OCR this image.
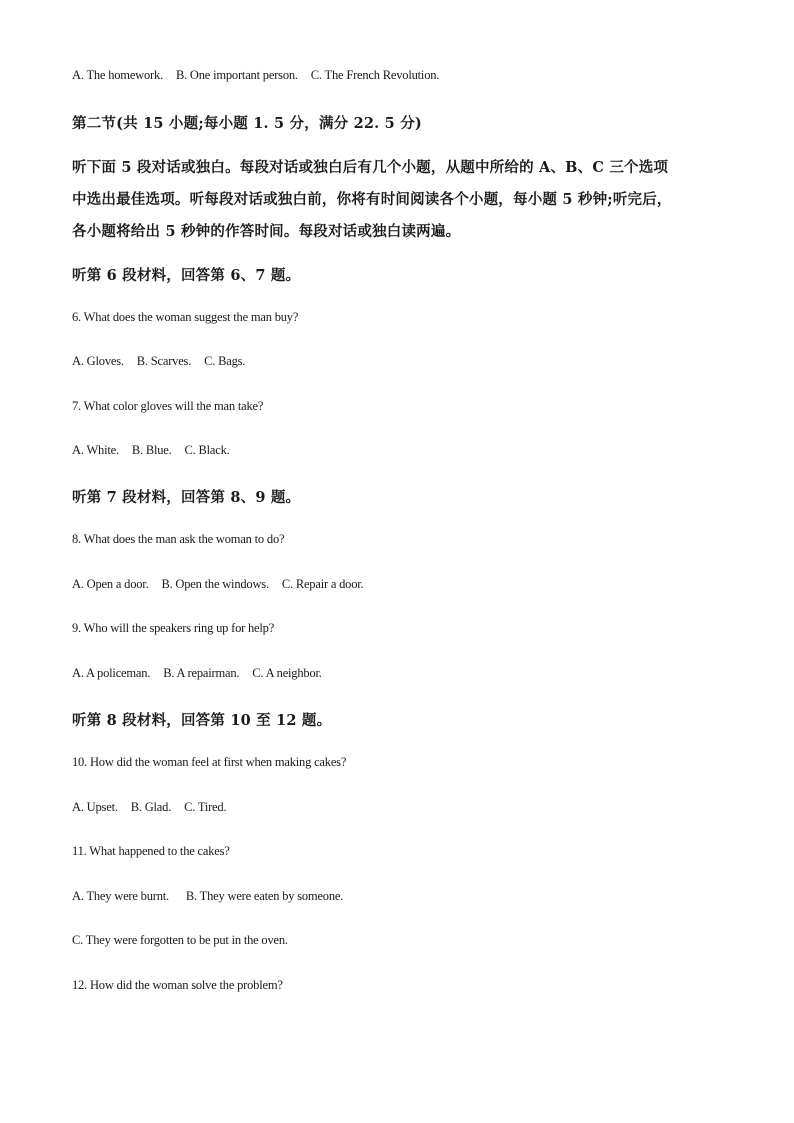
A. The homework. B. One important person. C. The French Revolution.
第二节(共 15 小题;每小题 1. 5 分，满分 22. 5 分)
听下面 5 段对话或独白。每段对话或独白后有几个小题，从题中所给的 A、B、C 三个选项
中选出最佳选项。听每段对话或独白前，你将有时间阅读各个小题，每小题 5 秒钟;听完后，
各小题将给出 5 秒钟的作答时间。每段对话或独白读两遍。
听第 6 段材料，回答第 6、7 题。
6. What does the woman suggest the man buy?
A. Gloves. B. Scarves. C. Bags.
7. What color gloves will the man take?
A. White. B. Blue. C. Black.
听第 7 段材料，回答第 8、9 题。
8. What does the man ask the woman to do?
A. Open a door. B. Open the windows. C. Repair a door.
9. Who will the speakers ring up for help?
A. A policeman. B. A repairman. C. A neighbor.
听第 8 段材料，回答第 10 至 12 题。
10. How did the woman feel at first when making cakes?
A. Upset. B. Glad. C. Tired.
11. What happened to the cakes?
A. They were burnt. B. They were eaten by someone.
C. They were forgotten to be put in the oven.
12. How did the woman solve the problem?
